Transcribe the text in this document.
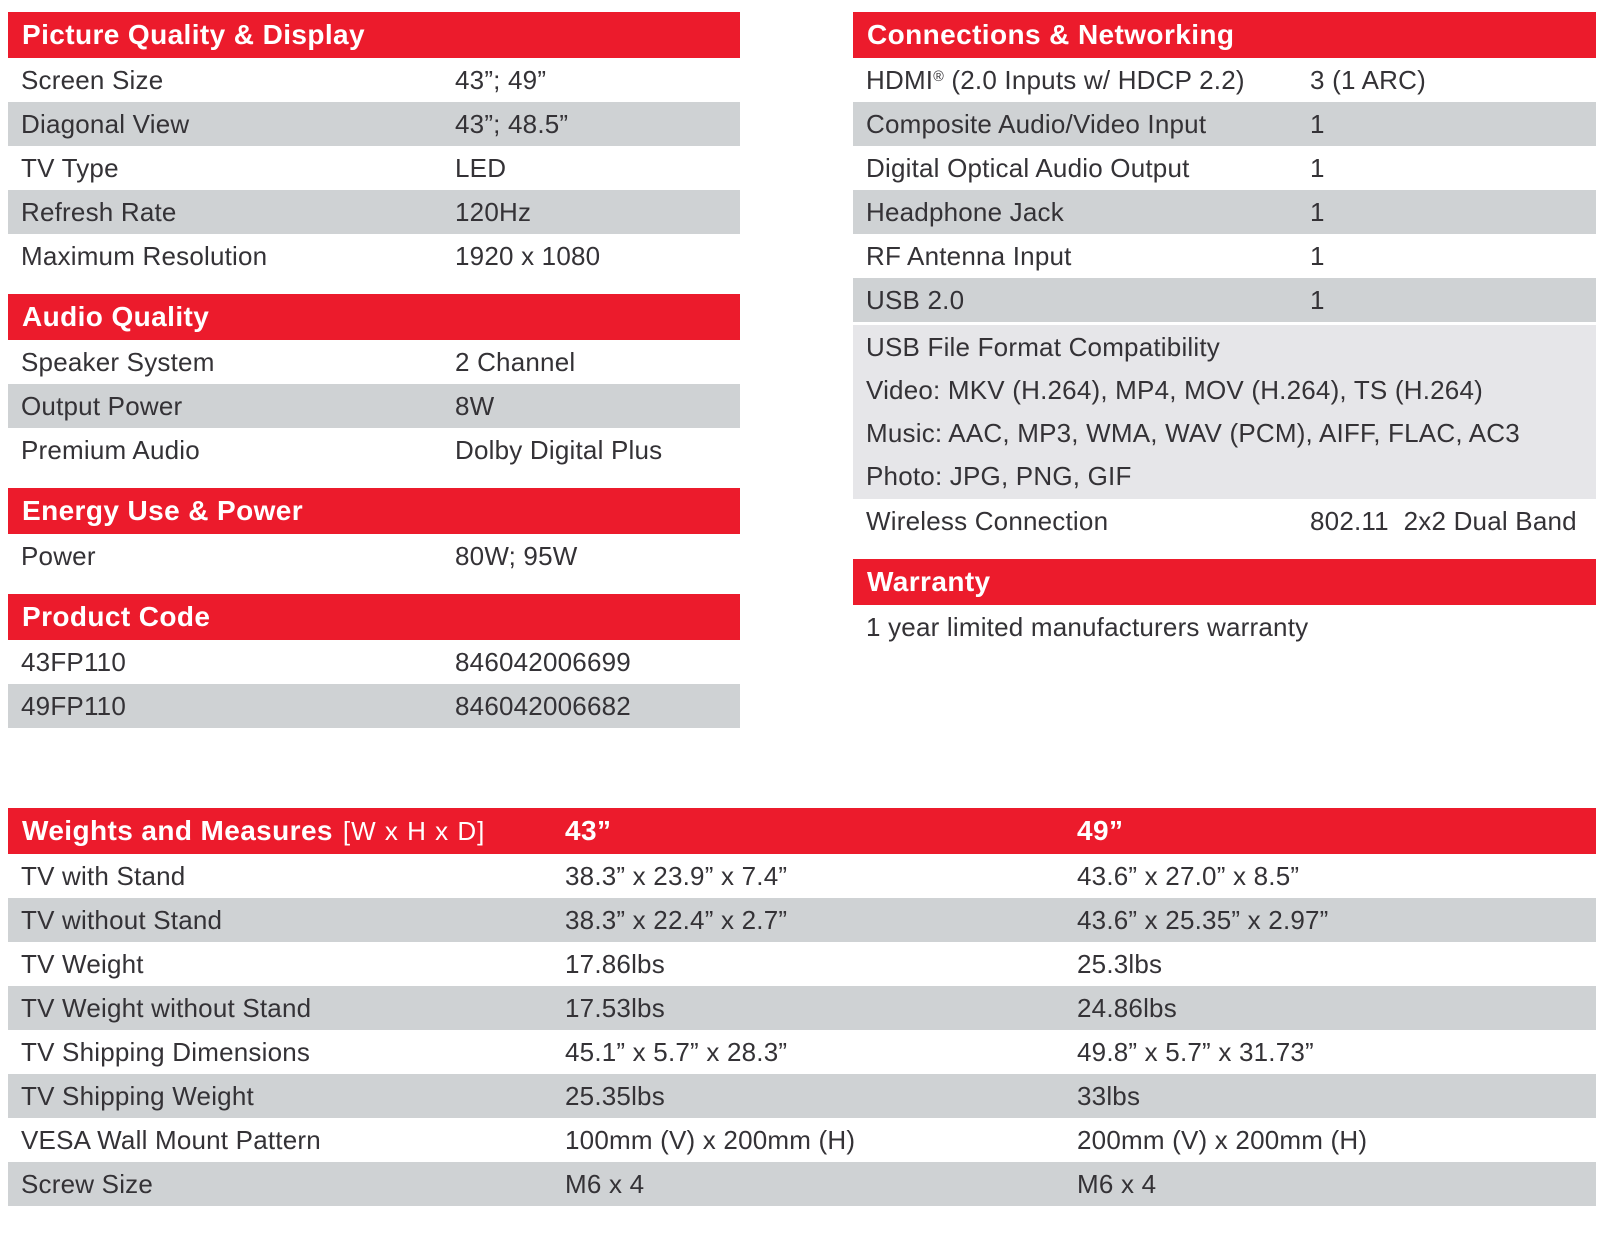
Picture Quality & Display
Screen Size	43”; 49”
Diagonal View	43”; 48.5”
TV Type	LED
Refresh Rate	120Hz
Maximum Resolution	1920 x 1080
Audio Quality
Speaker System	2 Channel
Output Power	8W
Premium Audio	Dolby Digital Plus
Energy Use & Power
Power	80W; 95W
Product Code
43FP110	846042006699
49FP110	846042006682
Connections & Networking
HDMI® (2.0 Inputs w/ HDCP 2.2)	3 (1 ARC)
Composite Audio/Video Input	1
Digital Optical Audio Output	1
Headphone Jack	1
RF Antenna Input	1
USB 2.0	1
USB File Format Compatibility
Video: MKV (H.264), MP4, MOV (H.264), TS (H.264)
Music: AAC, MP3, WMA, WAV (PCM), AIFF, FLAC, AC3
Photo: JPG, PNG, GIF
Wireless Connection	802.11  2x2 Dual Band
Warranty
1 year limited manufacturers warranty
Weights and Measures [W x H x D]	43”	49”
TV with Stand	38.3” x 23.9” x 7.4”	43.6” x 27.0” x 8.5”
TV without Stand	38.3” x 22.4” x 2.7”	43.6” x 25.35” x 2.97”
TV Weight	17.86lbs	25.3lbs
TV Weight without Stand	17.53lbs	24.86lbs
TV Shipping Dimensions	45.1” x 5.7” x 28.3”	49.8” x 5.7” x 31.73”
TV Shipping Weight	25.35lbs	33lbs
VESA Wall Mount Pattern	100mm (V) x 200mm (H)	200mm (V) x 200mm (H)
Screw Size	M6 x 4	M6 x 4
